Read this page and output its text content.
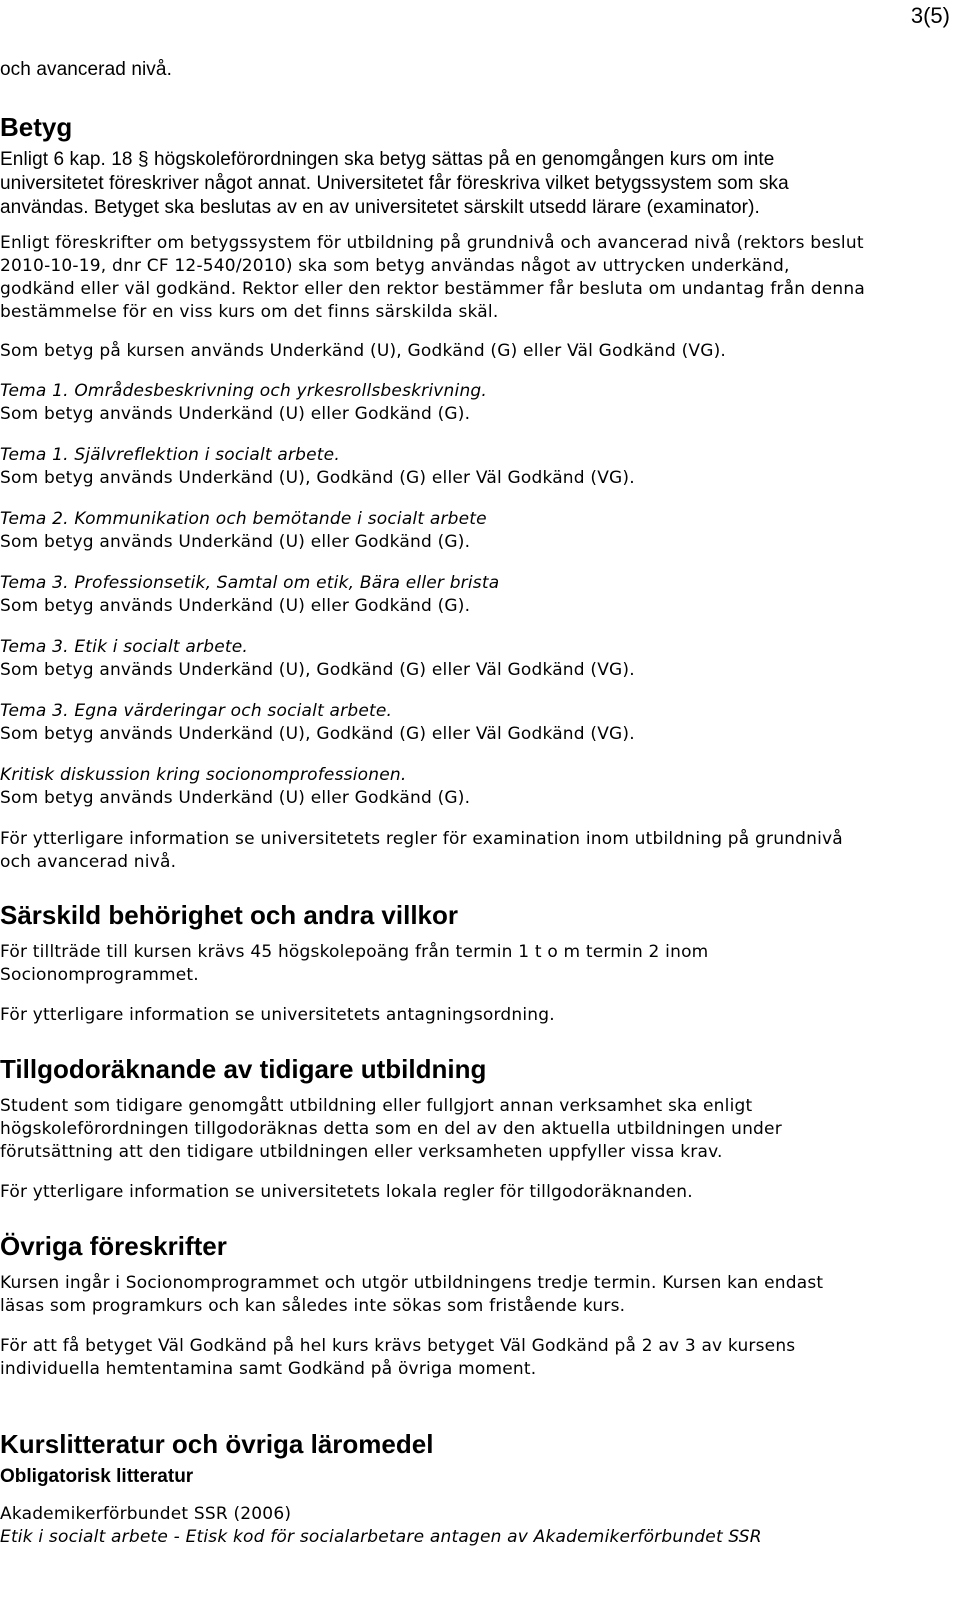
3(5)

och avancerad nivå.

Betyg

Enligt 6 kap. 18 § högskoleförordningen ska betyg sättas på en genomgången kurs om inte
universitetet föreskriver något annat. Universitetet får föreskriva vilket betygssystem som ska
användas. Betyget ska beslutas av en av universitetet särskilt utsedd lärare (examinator).

Enligt föreskrifter om betygssystem för utbildning på grundnivå och avancerad nivå (rektors beslut
2010-10-19, dnr CF 12-540/2010) ska som betyg användas något av uttrycken underkänd,
godkänd eller väl godkänd. Rektor eller den rektor bestämmer får besluta om undantag från denna
bestämmelse för en viss kurs om det finns särskilda skäl.

Som betyg på kursen används Underkänd (U), Godkänd (G) eller Väl Godkänd (VG).

Tema 1. Områdesbeskrivning och yrkesrollsbeskrivning.

Som betyg används Underkänd (U) eller Godkänd (G).

Tema 1. Självreflektion i socialt arbete.

Som betyg används Underkänd (U), Godkänd (G) eller Väl Godkänd (VG).

Tema 2. Kommunikation och bemötande i socialt arbete

Som betyg används Underkänd (U) eller Godkänd (G).

Tema 3. Professionsetik, Samtal om etik, Bära eller brista

Som betyg används Underkänd (U) eller Godkänd (G).

Tema 3. Etik i socialt arbete.

Som betyg används Underkänd (U), Godkänd (G) eller Väl Godkänd (VG).

Tema 3. Egna värderingar och socialt arbete.

Som betyg används Underkänd (U), Godkänd (G) eller Väl Godkänd (VG).

Kritisk diskussion kring socionomprofessionen.

Som betyg används Underkänd (U) eller Godkänd (G).

För ytterligare information se universitetets regler för examination inom utbildning på grundnivå
och avancerad nivå.

Särskild behörighet och andra villkor

För tillträde till kursen krävs 45 högskolepoäng från termin 1 t o m termin 2 inom
Socionomprogrammet.

För ytterligare information se universitetets antagningsordning.

Tillgodoräknande av tidigare utbildning

Student som tidigare genomgått utbildning eller fullgjort annan verksamhet ska enligt
högskoleförordningen tillgodoräknas detta som en del av den aktuella utbildningen under
förutsättning att den tidigare utbildningen eller verksamheten uppfyller vissa krav.

För ytterligare information se universitetets lokala regler för tillgodoräknanden.

Övriga föreskrifter

Kursen ingår i Socionomprogrammet och utgör utbildningens tredje termin. Kursen kan endast
läsas som programkurs och kan således inte sökas som fristående kurs.

För att få betyget Väl Godkänd på hel kurs krävs betyget Väl Godkänd på 2 av 3 av kursens
individuella hemtentamina samt Godkänd på övriga moment.

Kurslitteratur och övriga läromedel

Obligatorisk litteratur

Akademikerförbundet SSR (2006)

Etik i socialt arbete - Etisk kod för socialarbetare antagen av Akademikerförbundet SSR
